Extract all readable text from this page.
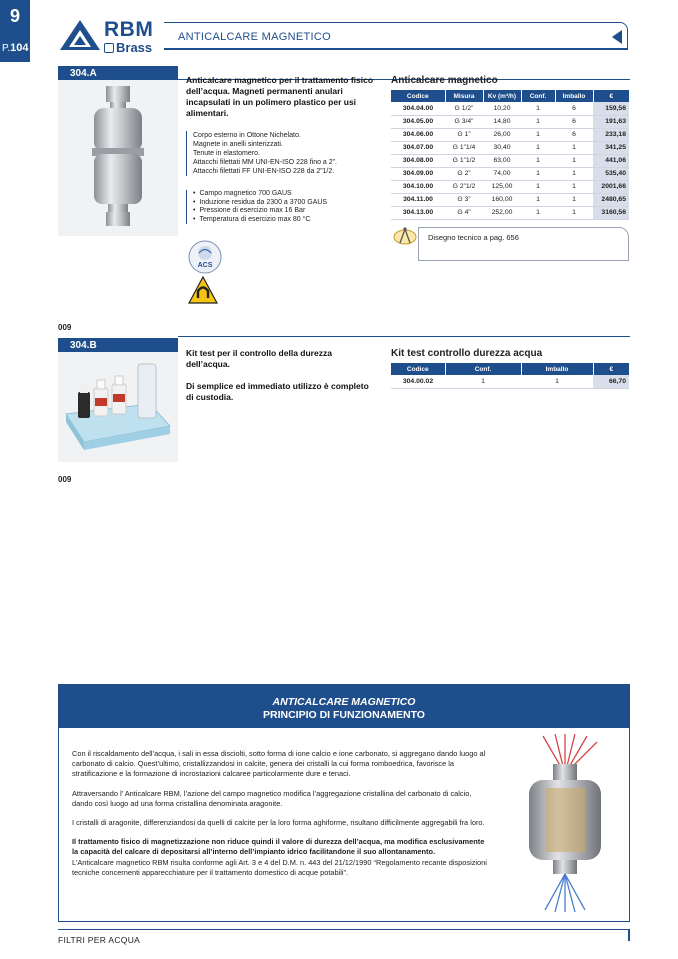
9
P.104
RBM
Brass
ANTICALCARE MAGNETICO
304.A
Anticalcare magnetico per il trattamento fisico dell’acqua. Magneti permanenti anulari incapsulati in un polimero plastico per usi alimentari.
Corpo esterno in Ottone Nichelato.
Magnete in anelli sinterizzati.
Tenute in elastomero.
Attacchi filettati MM UNI-EN-ISO 228 fino a 2”.
Attacchi filettati FF UNI-EN-ISO 228 da 2”1/2.
• Campo magnetico 700 GAUS
• Induzione residua da 2300 a 3700 GAUS
• Pressione di esercizio max 16 Bar
• Temperatura di esercizio max 80 °C
ACS
Anticalcare magnetico
Codice	Misura	Kv (m³/h)	Conf.	Imballo	€
304.04.00	G 1/2”	10,20	1	6	159,56
304.05.00	G 3/4”	14,80	1	6	191,63
304.06.00	G 1”	26,00	1	6	233,18
304.07.00	G 1”1/4	30,40	1	1	341,25
304.08.00	G 1”1/2	63,00	1	1	441,06
304.09.00	G 2”	74,00	1	1	535,40
304.10.00	G 2”1/2	125,00	1	1	2001,66
304.11.00	G 3”	160,00	1	1	2480,65
304.13.00	G 4”	252,00	1	1	3160,56
Disegno tecnico a pag. 656
009
304.B
Kit test per il controllo della durezza dell’acqua.
Di semplice ed immediato utilizzo è completo di custodia.
Kit test controllo durezza acqua
Codice	Conf.	Imballo	€
304.00.02	1	1	66,70
009
ANTICALCARE MAGNETICO
PRINCIPIO DI FUNZIONAMENTO

Con il riscaldamento dell’acqua, i sali in essa disciolti, sotto forma di ione calcio e ione carbonato, si aggregano dando luogo al carbonato di calcio. Quest’ultimo, cristallizzandosi in calcite, genera dei cristalli la cui forma romboedrica, favorisce la stratificazione e la formazione di incrostazioni calcaree particolarmente dure e tenaci.

Attraversando l’ Anticalcare RBM, l’azione del campo magnetico modifica l’aggregazione cristallina del carbonato di calcio, dando così luogo ad una forma cristallina denominata aragonite.

I cristalli di aragonite, differenziandosi da quelli di calcite per la loro forma aghiforme, risultano difficilmente aggregabili fra loro.

Il trattamento fisico di magnetizzazione non riduce quindi il valore di durezza dell’acqua, ma modifica esclusivamente la capacità del calcare di depositarsi all’interno dell’impianto idrico facilitandone il suo allontanamento.

L’Anticalcare magnetico RBM risulta conforme agli Art. 3 e 4 del D.M. n. 443 del 21/12/1990 “Regolamento recante disposizioni tecniche concernenti apparecchiature per il trattamento domestico di acque potabili”.

FILTRI PER ACQUA
